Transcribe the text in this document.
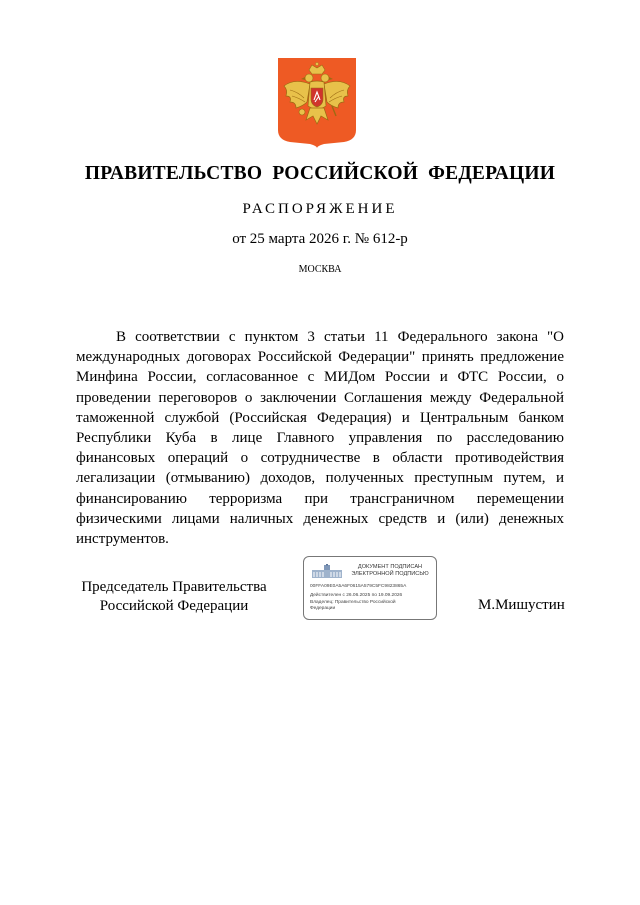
ПРАВИТЕЛЬСТВО РОССИЙСКОЙ ФЕДЕРАЦИИ
РАСПОРЯЖЕНИЕ
от 25 марта 2026 г. № 612-р
МОСКВА

В соответствии с пунктом 3 статьи 11 Федерального закона "О международных договорах Российской Федерации" принять предложение Минфина России, согласованное с МИДом России и ФТС России, о проведении переговоров о заключении Соглашения между Федеральной таможенной службой (Российская Федерация) и Центральным банком Республики Куба в лице Главного управления по расследованию финансовых операций о сотрудничестве в области противодействия легализации (отмыванию) доходов, полученных преступным путем, и финансированию терроризма при трансграничном перемещении физическими лицами наличных денежных средств и (или) денежных инструментов.

Председатель Правительства
Российской Федерации
ДОКУМЕНТ ПОДПИСАН
ЭЛЕКТРОННОЙ ПОДПИСЬЮ
00FFA09E0A5A6F0615A579C5FC9823865A
Действителен с 26.06.2025 по 19.09.2026
Владелец: Правительство Российской
Федерации	М.Мишустин
